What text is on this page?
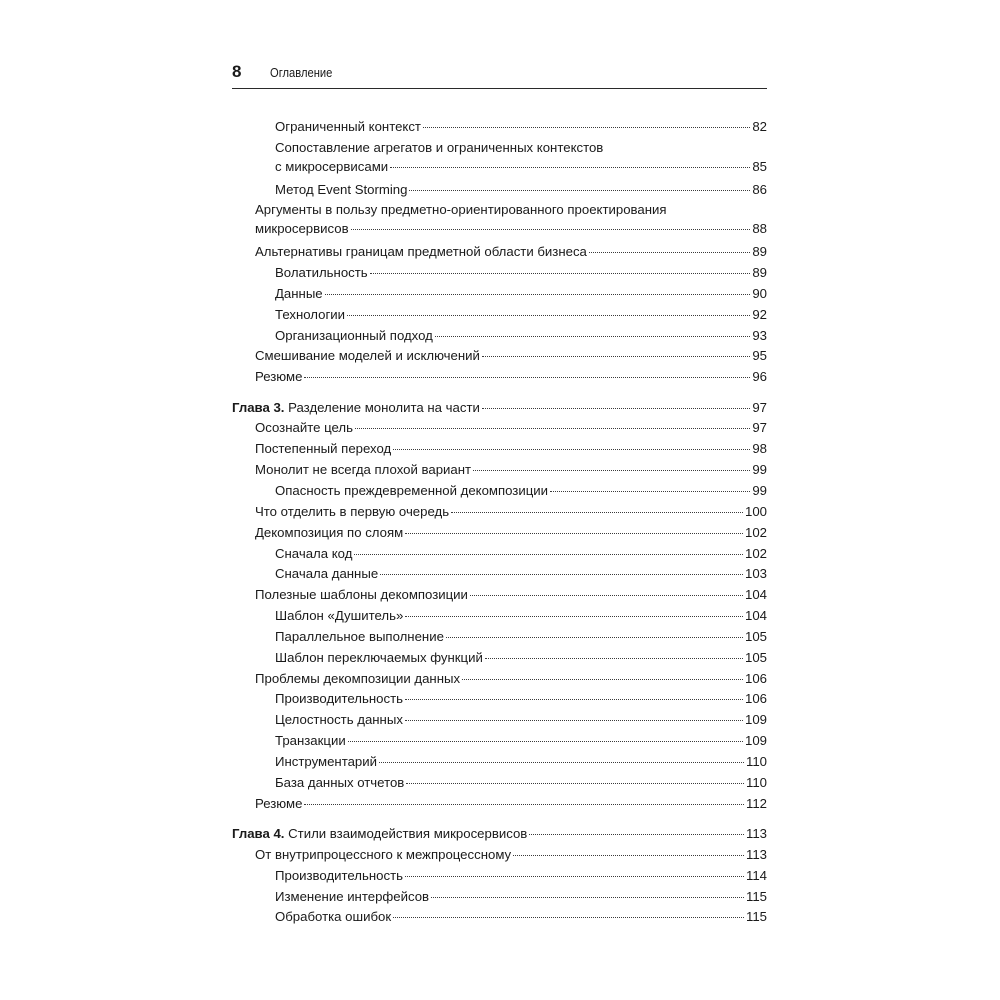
8 Оглавление
Ограниченный контекст	82
Сопоставление агрегатов и ограниченных контекстов
с микросервисами	85
Метод Event Storming	86
Аргументы в пользу предметно-ориентированного проектирования
микросервисов	88
Альтернативы границам предметной области бизнеса	89
Волатильность	89
Данные	90
Технологии	92
Организационный подход	93
Смешивание моделей и исключений	95
Резюме	96
Глава 3. Разделение монолита на части	97
Осознайте цель	97
Постепенный переход	98
Монолит не всегда плохой вариант	99
Опасность преждевременной декомпозиции	99
Что отделить в первую очередь	100
Декомпозиция по слоям	102
Сначала код	102
Сначала данные	103
Полезные шаблоны декомпозиции	104
Шаблон «Душитель»	104
Параллельное выполнение	105
Шаблон переключаемых функций	105
Проблемы декомпозиции данных	106
Производительность	106
Целостность данных	109
Транзакции	109
Инструментарий	110
База данных отчетов	110
Резюме	112
Глава 4. Стили взаимодействия микросервисов	113
От внутрипроцессного к межпроцессному	113
Производительность	114
Изменение интерфейсов	115
Обработка ошибок	115
